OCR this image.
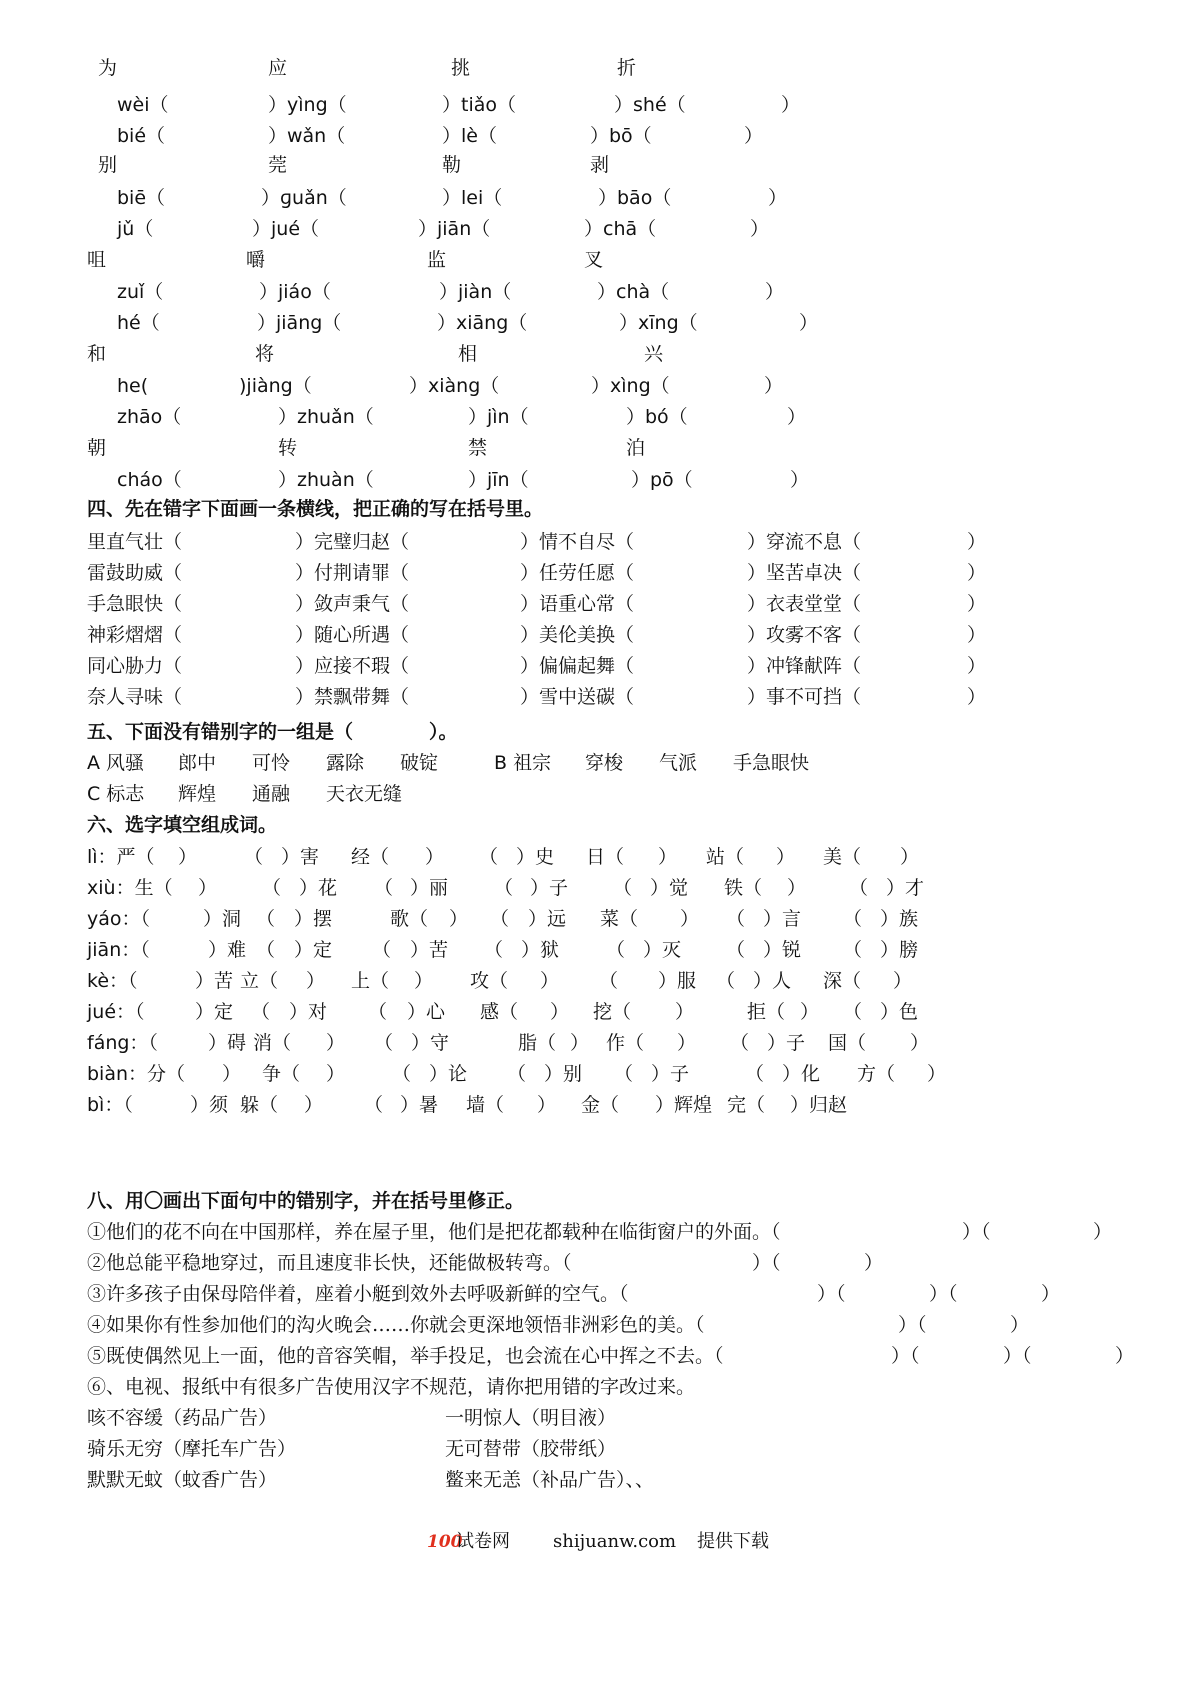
为	应	挑	折
wèi（	）yìng（	）tiǎo（	）shé（	）
bié（	）wǎn（	）lè（	）bō（	）
别	莞	勒	剥
biē（	）ɡuǎn（	）lei（	）bāo（	）
jǔ（	）jué（	）jiān（	）chā（	）
咀	嚼	监	叉
zuǐ（	）jiáo（	）jiàn（	）chà（	）
hé（	）jiāng（	）xiāng（	）xīng（	）
和	将	相	兴
he(	)jiàng（	）xiàng（	）xìng（	）
zhāo（	）zhuǎn（	）jìn（	）bó（	）
朝	转	禁	泊
cháo（	）zhuàn（	）jīn（	）pō（	）
四、先在错字下面画一条横线，把正确的写在括号里。
里直气壮（	）完璧归赵（	）情不自尽（	）穿流不息（	）
雷鼓助威（	）付荆请罪（	）任劳任愿（	）坚苦卓决（	）
手急眼快（	）敛声秉气（	）语重心常（	）衣表堂堂（	）
神彩熠熠（	）随心所遇（	）美伦美换（	）攻雾不客（	）
同心胁力（	）应接不瑕（	）偏偏起舞（	）冲锋献阵（	）
奈人寻味（	）禁飘带舞（	）雪中送碳（	）事不可挡（	）
五、下面没有错别字的一组是（　　　　）。
A 风骚 郎中 可怜 露除 破锭	B 祖宗 穿梭 气派 手急眼快
C 标志 辉煌 通融 天衣无缝
六、选字填空组成词。
lì：严（ ） （ ）害 经（ ） （ ）史 日（ ） 站（ ） 美（ ）
xiù：生（ ） （ ）花 （ ）丽 （ ）子 （ ）觉 铁（ ） （ ）才
yáo：（	）洞 （ ）摆	歌（ ） （ ）远 菜（ ） （ ）言 （ ）族
jiān：（	）难 （ ）定 （ ）苦 （ ）狱 （ ）灭 （ ）锐 （ ）膀
kè：（	）苦 立（ ） 上（ ） 攻（ ） （ ）服 （ ）人 深（ ）
jué：（	）定 （ ）对 （ ）心 感（ ） 挖（ ）	拒（ ） （ ）色
fáng：（	）碍 消（ ） （ ）守	脂（ ） 作（ ） （ ）子 国（ ）
biàn：分（ ） 争（ ） （ ）论 （ ）别 （ ）子	（ ）化 方（ ）
bì：（	）须 躲（ ） （ ）暑 墙（ ） 金（ ）辉煌 完（ ）归赵
八、用〇画出下面句中的错别字，并在括号里修正。
①他们的花不向在中国那样，养在屋子里，他们是把花都载种在临街窗户的外面。（	）（	）
②他总能平稳地穿过，而且速度非长快，还能做极转弯。（	）（	）
③许多孩子由保母陪伴着，座着小艇到效外去呼吸新鲜的空气。（	）（	）（	）
④如果你有性参加他们的沟火晚会……你就会更深地领悟非洲彩色的美。（	）（	）
⑤既使偶然见上一面，他的音容笑帽，举手投足，也会流在心中挥之不去。（	）（	）（	）
⑥、电视、报纸中有很多广告使用汉字不规范，请你把用错的字改过来。
咳不容缓（药品广告）	一明惊人（明目液）
骑乐无穷（摩托车广告）	无可替带（胶带纸）
默默无蚊（蚊香广告）	鳖来无恙（补品广告）、、
100
试卷网 shijuanw.com 提供下载
